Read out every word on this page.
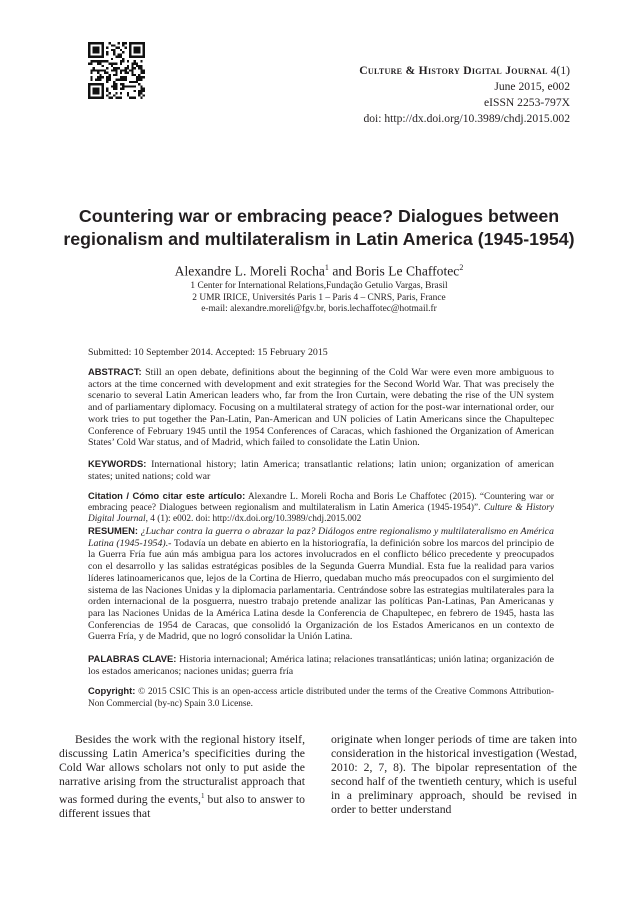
Culture & History Digital Journal 4(1)
June 2015, e002
eISSN 2253-797X
doi: http://dx.doi.org/10.3989/chdj.2015.002
Countering war or embracing peace? Dialogues between regionalism and multilateralism in Latin America (1945-1954)
Alexandre L. Moreli Rocha$^1$ and Boris Le Chaffotec$^2$
1 Center for International Relations,Fundação Getulio Vargas, Brasil
2 UMR IRICE, Universités Paris 1 – Paris 4 – CNRS, Paris, France
e-mail: alexandre.moreli@fgv.br, boris.lechaffotec@hotmail.fr
Submitted: 10 September 2014. Accepted: 15 February 2015
ABSTRACT: Still an open debate, definitions about the beginning of the Cold War were even more ambiguous to actors at the time concerned with development and exit strategies for the Second World War. That was precisely the scenario to several Latin American leaders who, far from the Iron Curtain, were debating the rise of the UN system and of parliamentary diplomacy. Focusing on a multilateral strategy of action for the post-war international order, our work tries to put together the Pan-Latin, Pan-American and UN policies of Latin Americans since the Chapultepec Conference of February 1945 until the 1954 Conferences of Caracas, which fashioned the Organization of American States’ Cold War status, and of Madrid, which failed to consolidate the Latin Union.
KEYWORDS: International history; latin America; transatlantic relations; latin union; organization of american states; united nations; cold war
Citation / Cómo citar este artículo: Alexandre L. Moreli Rocha and Boris Le Chaffotec (2015). “Countering war or embracing peace? Dialogues between regionalism and multilateralism in Latin America (1945-1954)”. Culture & History Digital Journal, 4 (1): e002. doi: http://dx.doi.org/10.3989/chdj.2015.002
RESUMEN: ¿Luchar contra la guerra o abrazar la paz? Diálogos entre regionalismo y multilateralismo en América Latina (1945-1954).- Todavía un debate en abierto en la historiografía, la definición sobre los marcos del principio de la Guerra Fría fue aún más ambigua para los actores involucrados en el conflicto bélico precedente y preocupados con el desarrollo y las salidas estratégicas posibles de la Segunda Guerra Mundial. Esta fue la realidad para varios líderes latinoamericanos que, lejos de la Cortina de Hierro, quedaban mucho más preocupados con el surgimiento del sistema de las Naciones Unidas y la diplomacia parlamentaria. Centrándose sobre las estrategias multilaterales para la orden internacional de la posguerra, nuestro trabajo pretende analizar las políticas Pan-Latinas, Pan Americanas y para las Naciones Unidas de la América Latina desde la Conferencia de Chapultepec, en febrero de 1945, hasta las Conferencias de 1954 de Caracas, que consolidó la Organización de los Estados Americanos en un contexto de Guerra Fría, y de Madrid, que no logró consolidar la Unión Latina.
PALABRAS CLAVE: Historia internacional; América latina; relaciones transatlánticas; unión latina; organización de los estados americanos; naciones unidas; guerra fría
Copyright: © 2015 CSIC This is an open-access article distributed under the terms of the Creative Commons Attribution-Non Commercial (by-nc) Spain 3.0 License.

Besides the work with the regional history itself, discussing Latin America’s specificities during the Cold War allows scholars not only to put aside the narrative arising from the structuralist approach that was formed during the events,$^1$ but also to answer to different issues that

originate when longer periods of time are taken into consideration in the historical investigation (Westad, 2010: 2, 7, 8). The bipolar representation of the second half of the twentieth century, which is useful in a preliminary approach, should be revised in order to better understand
